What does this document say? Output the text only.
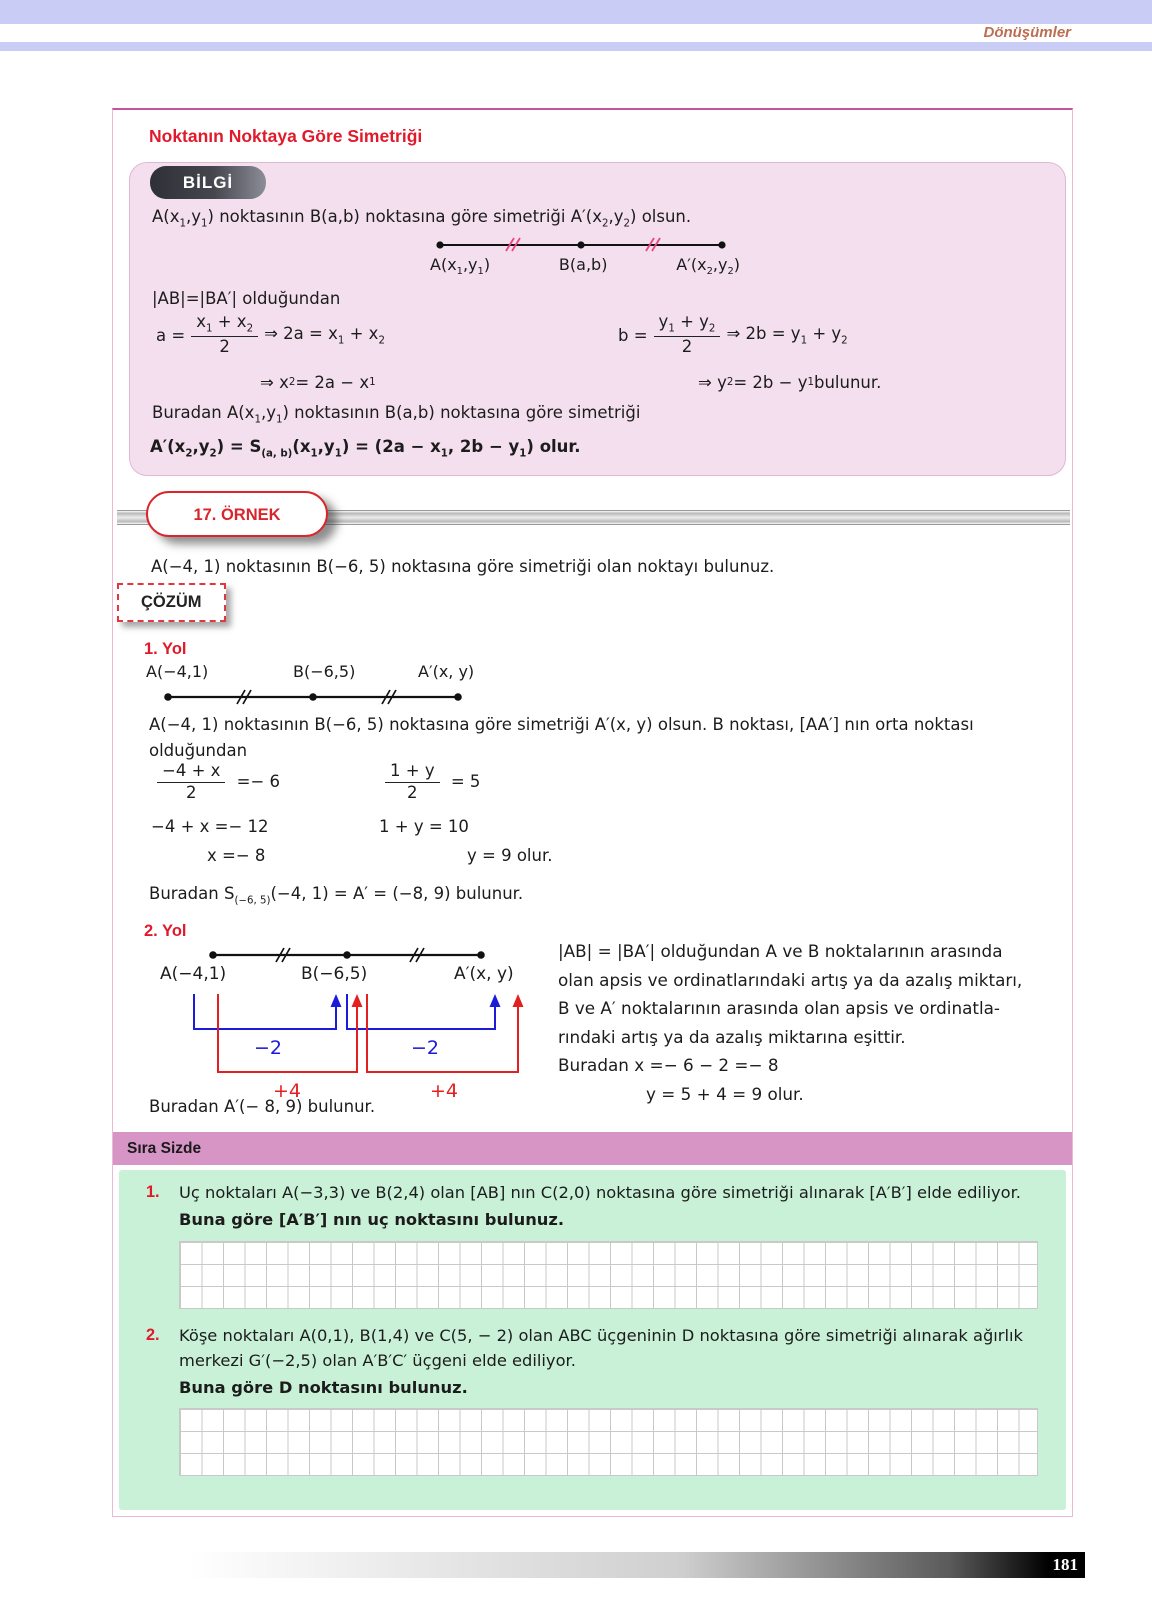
Dönüşümler
Noktanın Noktaya Göre Simetriği
BİLGİ
$A(x_1,y_1)$ noktasının B(a,b) noktasına göre simetriği $A'(x_2,y_2)$ olsun.
$A(x_1,y_1)$	B(a,b)	$A'(x_2,y_2)$
|AB|=|BA′| olduğundan
$a = \frac{x_1 + x_2}{2}$ ⇒ $2a = x_1 + x_2$	$b = \frac{y_1 + y_2}{2}$ ⇒ $2b = y_1 + y_2$
⇒ x 2 = 2a − x 1	⇒ y 2 = 2b − y 1 bulunur.
Buradan $A(x_1,y_1)$ noktasının B(a,b) noktasına göre simetriği
$A'(x_2,y_2) = S_{(a, b)}(x_1,y_1) = (2a - x_1$, $2b - y_1$) olur.
17. ÖRNEK
A(−4, 1) noktasının B(−6, 5) noktasına göre simetriği olan noktayı bulunuz.
ÇÖZÜM
1. Yol
A(−4,1)	B(−6,5)	A′(x, y)
A(−4, 1) noktasının B(−6, 5) noktasına göre simetriği A′(x, y) olsun. B noktası, [AA′] nın orta noktası olduğundan
$\frac{-4 + x}{2} =- 6$	$\frac{1 + y}{2} = 5$
−4 + x =− 12	1 + y = 10
x =− 8	y = 9 olur.
Buradan $S_{(-6, 5)}(-4$, 1) = A′ = (−8, 9) bulunur.
2. Yol
A(−4,1)	B(−6,5)	A′(x, y)
−2	−2
+4	+4
|AB| = |BA′| olduğundan A ve B noktalarının arasında
olan apsis ve ordinatlarındaki artış ya da azalış miktarı,
B ve A′ noktalarının arasında olan apsis ve ordinatla-
rındaki artış ya da azalış miktarına eşittir.
Buradan x =− 6 − 2 =− 8
y = 5 + 4 = 9 olur.
Buradan A′(− 8, 9) bulunur.
Sıra Sizde
1. Uç noktaları A(−3,3) ve B(2,4) olan [AB] nın C(2,0) noktasına göre simetriği alınarak [A′B′] elde ediliyor.
Buna göre [A′B′] nın uç noktasını bulunuz.
2. Köşe noktaları A(0,1), B(1,4) ve C(5, − 2) olan ABC üçgeninin D noktasına göre simetriği alınarak ağırlık merkezi G′(−2,5) olan A′B′C′ üçgeni elde ediliyor.
Buna göre D noktasını bulunuz.
181
